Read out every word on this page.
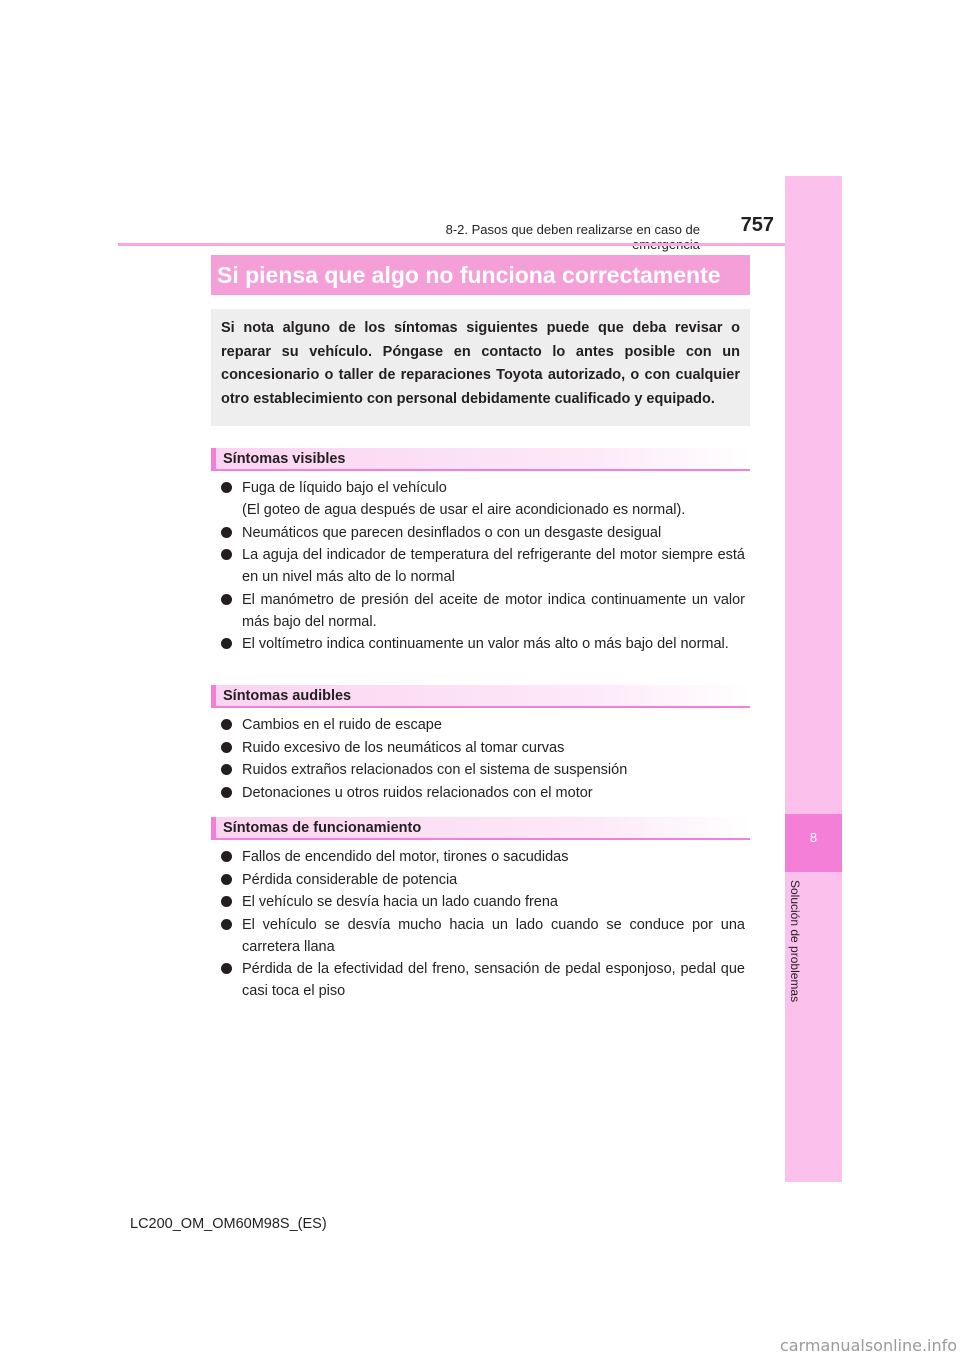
8
Solución de problemas
8-2. Pasos que deben realizarse en caso de	757
Si piensa que algo no funciona correctamente
Si nota alguno de los síntomas siguientes puede que deba revisar o reparar su vehículo. Póngase en contacto lo antes posible con un concesionario o taller de reparaciones Toyota autorizado, o con cualquier otro establecimiento con personal debidamente cualificado y equipado.
Síntomas visibles
Fuga de líquido bajo el vehículo
(El goteo de agua después de usar el aire acondicionado es normal).
Neumáticos que parecen desinflados o con un desgaste desigual
La aguja del indicador de temperatura del refrigerante del motor siempre está en un nivel más alto de lo normal
El manómetro de presión del aceite de motor indica continuamente un valor más bajo del normal.
El voltímetro indica continuamente un valor más alto o más bajo del normal.
Síntomas audibles
Cambios en el ruido de escape
Ruido excesivo de los neumáticos al tomar curvas
Ruidos extraños relacionados con el sistema de suspensión
Detonaciones u otros ruidos relacionados con el motor
Síntomas de funcionamiento
Fallos de encendido del motor, tirones o sacudidas
Pérdida considerable de potencia
El vehículo se desvía hacia un lado cuando frena
El vehículo se desvía mucho hacia un lado cuando se conduce por una carretera llana
Pérdida de la efectividad del freno, sensación de pedal esponjoso, pedal que casi toca el piso
LC200_OM_OM60M98S_(ES)
carmanualsonline.info
